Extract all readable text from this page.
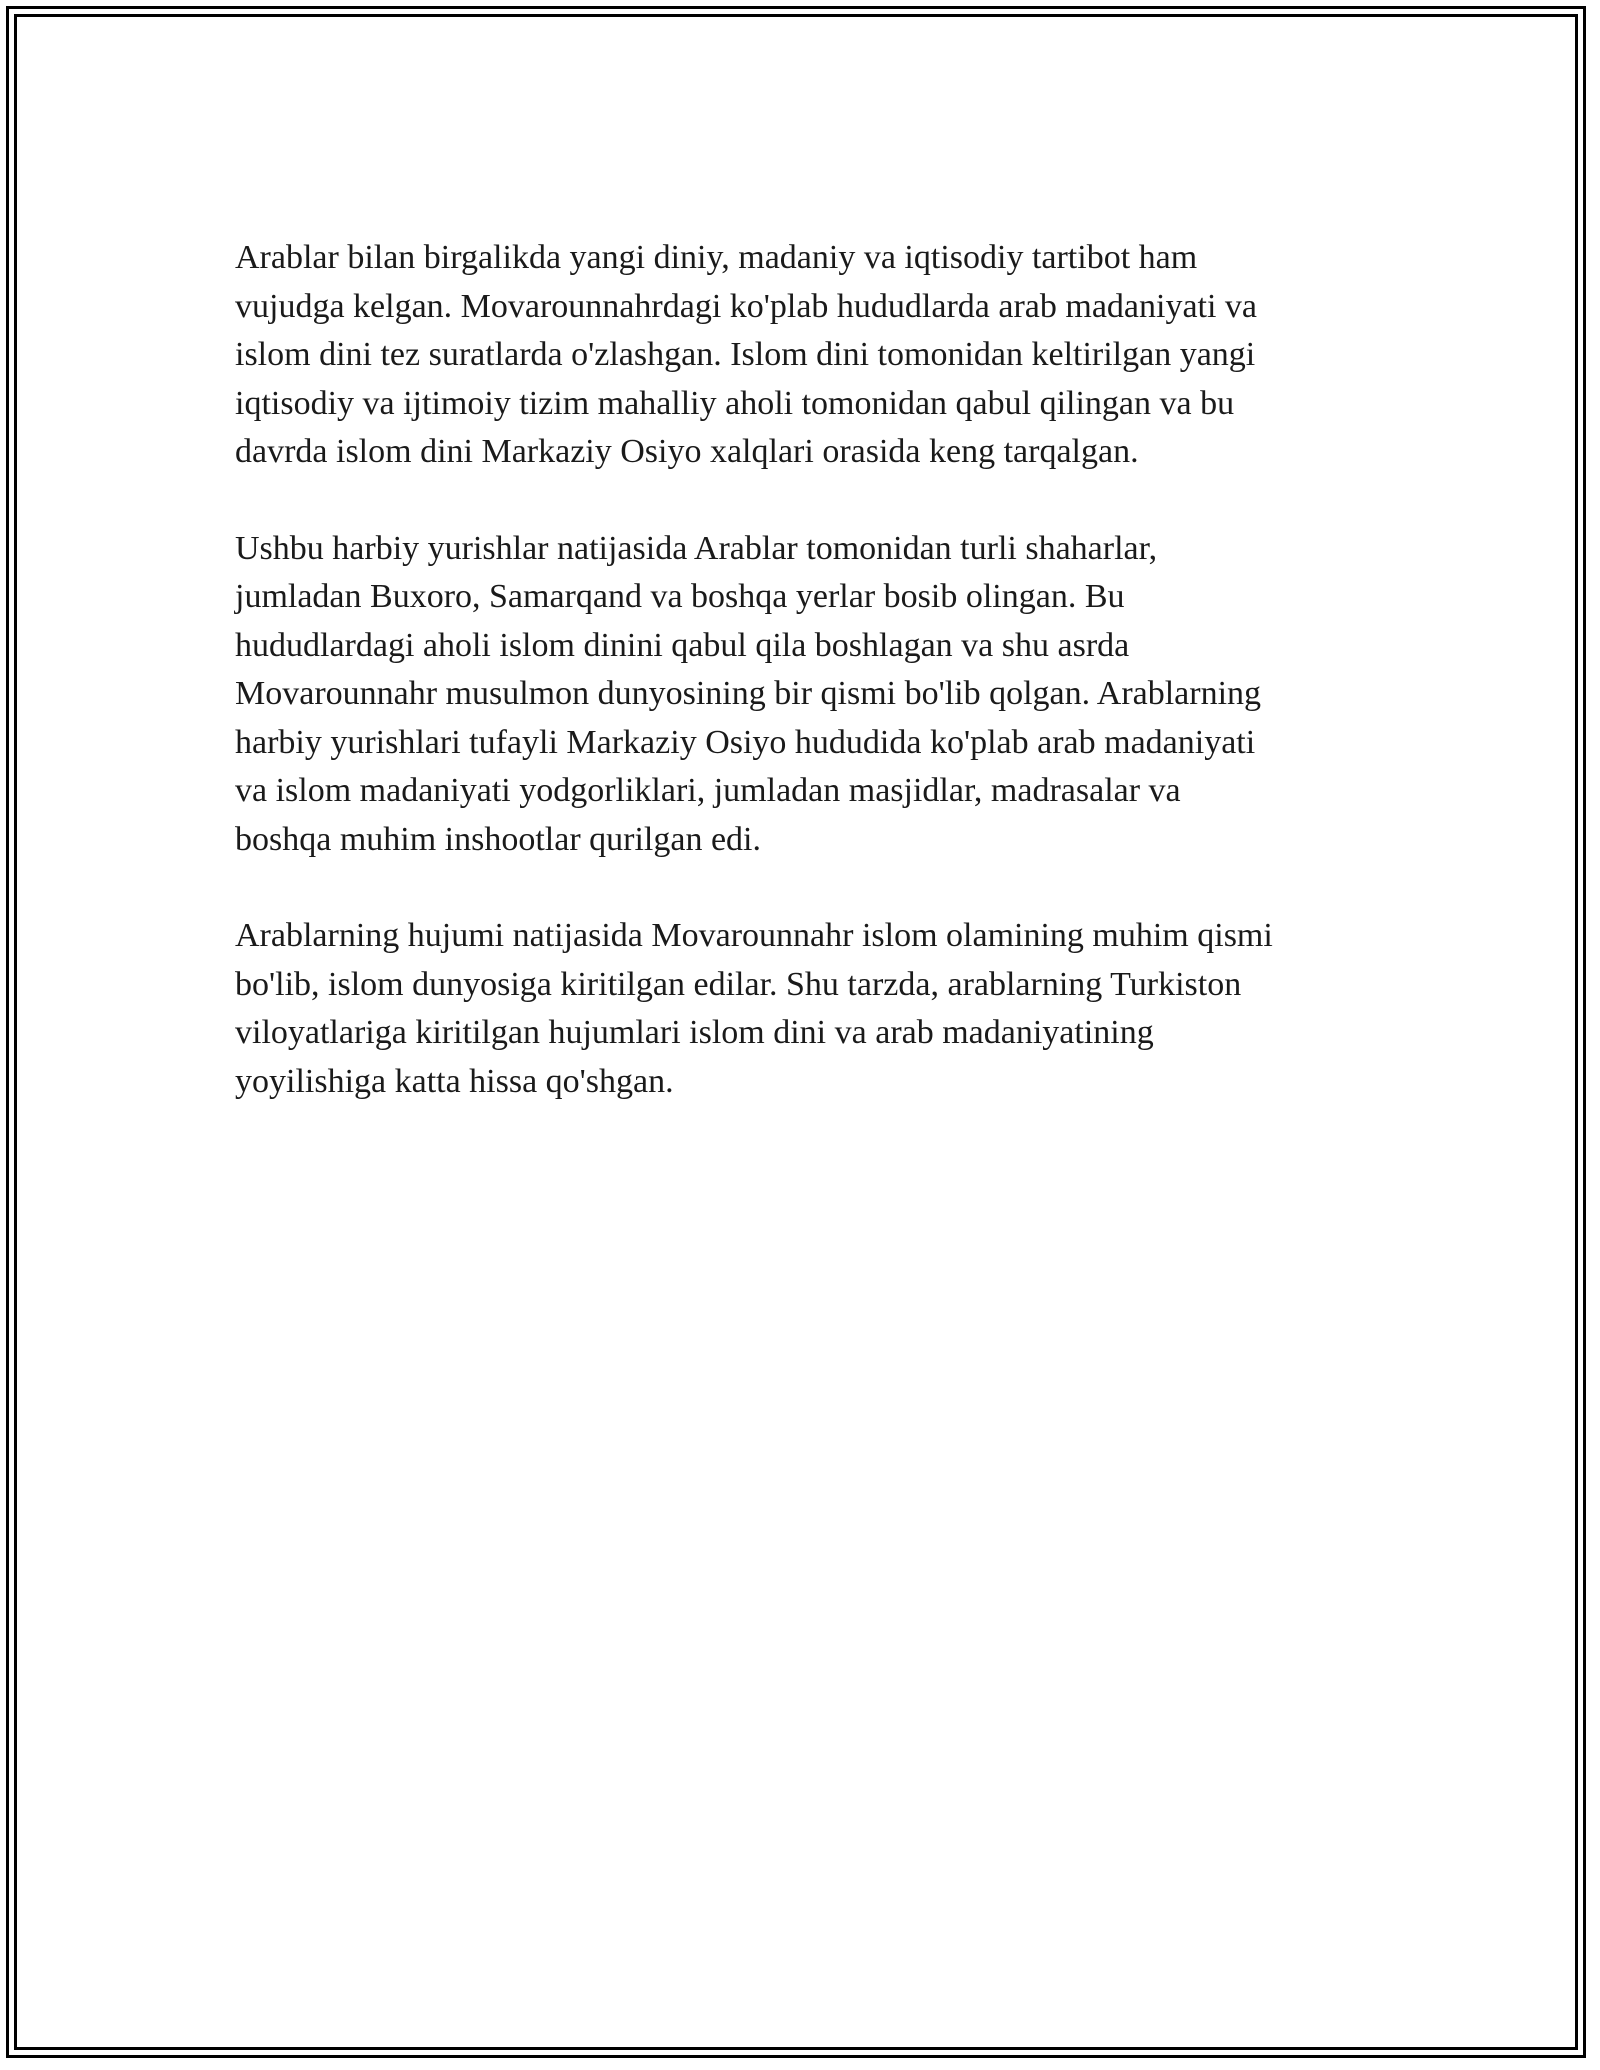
Arablar bilan birgalikda yangi diniy, madaniy va iqtisodiy tartibot ham
vujudga kelgan. Movarounnahrdagi ko'plab hududlarda arab madaniyati va
islom dini tez suratlarda o'zlashgan. Islom dini tomonidan keltirilgan yangi
iqtisodiy va ijtimoiy tizim mahalliy aholi tomonidan qabul qilingan va bu
davrda islom dini Markaziy Osiyo xalqlari orasida keng tarqalgan.

Ushbu harbiy yurishlar natijasida Arablar tomonidan turli shaharlar,
jumladan Buxoro, Samarqand va boshqa yerlar bosib olingan. Bu
hududlardagi aholi islom dinini qabul qila boshlagan va shu asrda
Movarounnahr musulmon dunyosining bir qismi bo'lib qolgan. Arablarning
harbiy yurishlari tufayli Markaziy Osiyo hududida ko'plab arab madaniyati
va islom madaniyati yodgorliklari, jumladan masjidlar, madrasalar va
boshqa muhim inshootlar qurilgan edi.

Arablarning hujumi natijasida Movarounnahr islom olamining muhim qismi
bo'lib, islom dunyosiga kiritilgan edilar. Shu tarzda, arablarning Turkiston
viloyatlariga kiritilgan hujumlari islom dini va arab madaniyatining
yoyilishiga katta hissa qo'shgan.
